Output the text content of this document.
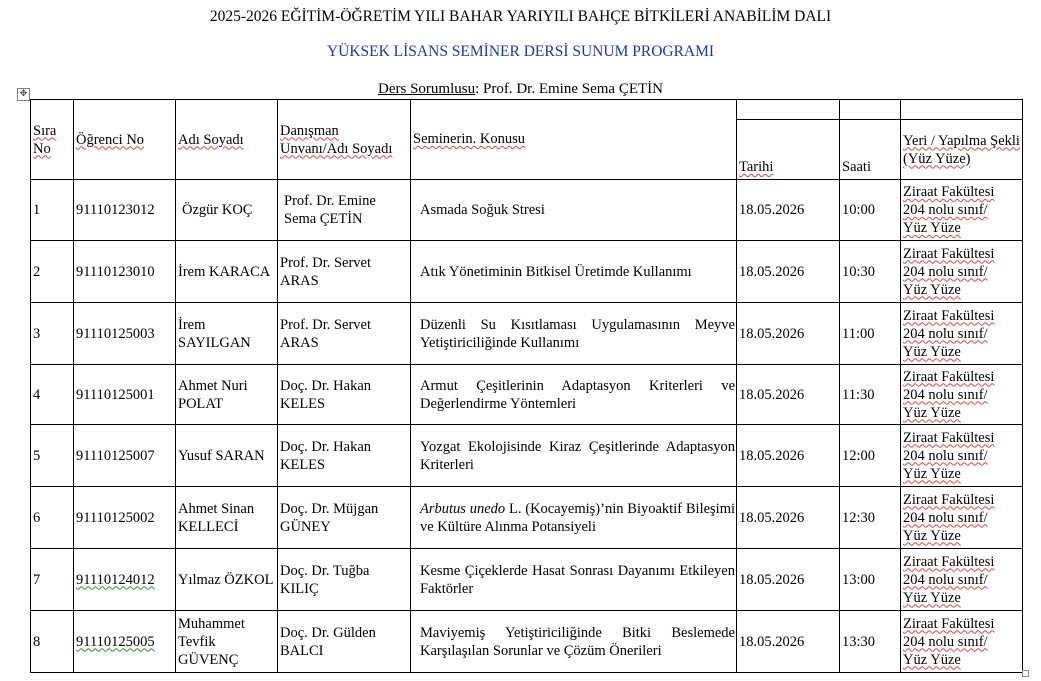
2025-2026 EĞİTİM-ÖĞRETİM YILI BAHAR YARIYILI BAHÇE BİTKİLERİ ANABİLİM DALI
YÜKSEK LİSANS SEMİNER DERSİ SUNUM PROGRAMI
Ders Sorumlusu: Prof. Dr. Emine Sema ÇETİN
✥
Sıra No	Öğrenci No	Adı Soyadı	Danışman Unvanı/Adı Soyadı	Seminerin. Konusu			
					Tarihi	Saati	Yeri / Yapılma Şekli (Yüz Yüze)
1	91110123012	Özgür KOÇ	Prof. Dr. Emine Sema ÇETİN	Asmada Soğuk Stresi	18.05.2026	10:00	Ziraat Fakültesi
204 nolu sınıf/
Yüz Yüze
2	91110123010	İrem KARACA	Prof. Dr. Servet ARAS	Atık Yönetiminin Bitkisel Üretimde Kullanımı	18.05.2026	10:30	Ziraat Fakültesi
204 nolu sınıf/
Yüz Yüze
3	91110125003	İrem SAYILGAN	Prof. Dr. Servet ARAS	Düzenli Su Kısıtlaması Uygulamasının Meyve Yetiştiriciliğinde Kullanımı	18.05.2026	11:00	Ziraat Fakültesi
204 nolu sınıf/
Yüz Yüze
4	91110125001	Ahmet Nuri POLAT	Doç. Dr. Hakan KELES	Armut Çeşitlerinin Adaptasyon Kriterleri ve Değerlendirme Yöntemleri	18.05.2026	11:30	Ziraat Fakültesi
204 nolu sınıf/
Yüz Yüze
5	91110125007	Yusuf SARAN	Doç. Dr. Hakan KELES	Yozgat Ekolojisinde Kiraz Çeşitlerinde Adaptasyon Kriterleri	18.05.2026	12:00	Ziraat Fakültesi
204 nolu sınıf/
Yüz Yüze
6	91110125002	Ahmet Sinan KELLECİ	Doç. Dr. Müjgan GÜNEY	Arbutus unedo L. (Kocayemiş)’nin Biyoaktif Bileşimi ve Kültüre Alınma Potansiyeli	18.05.2026	12:30	Ziraat Fakültesi
204 nolu sınıf/
Yüz Yüze
7	91110124012	Yılmaz ÖZKOL	Doç. Dr. Tuğba KILIÇ	Kesme Çiçeklerde Hasat Sonrası Dayanımı Etkileyen Faktörler	18.05.2026	13:00	Ziraat Fakültesi
204 nolu sınıf/
Yüz Yüze
8	91110125005	Muhammet Tevfik GÜVENÇ	Doç. Dr. Gülden BALCI	Maviyemiş Yetiştiriciliğinde Bitki Beslemede Karşılaşılan Sorunlar ve Çözüm Önerileri	18.05.2026	13:30	Ziraat Fakültesi
204 nolu sınıf/
Yüz Yüze
